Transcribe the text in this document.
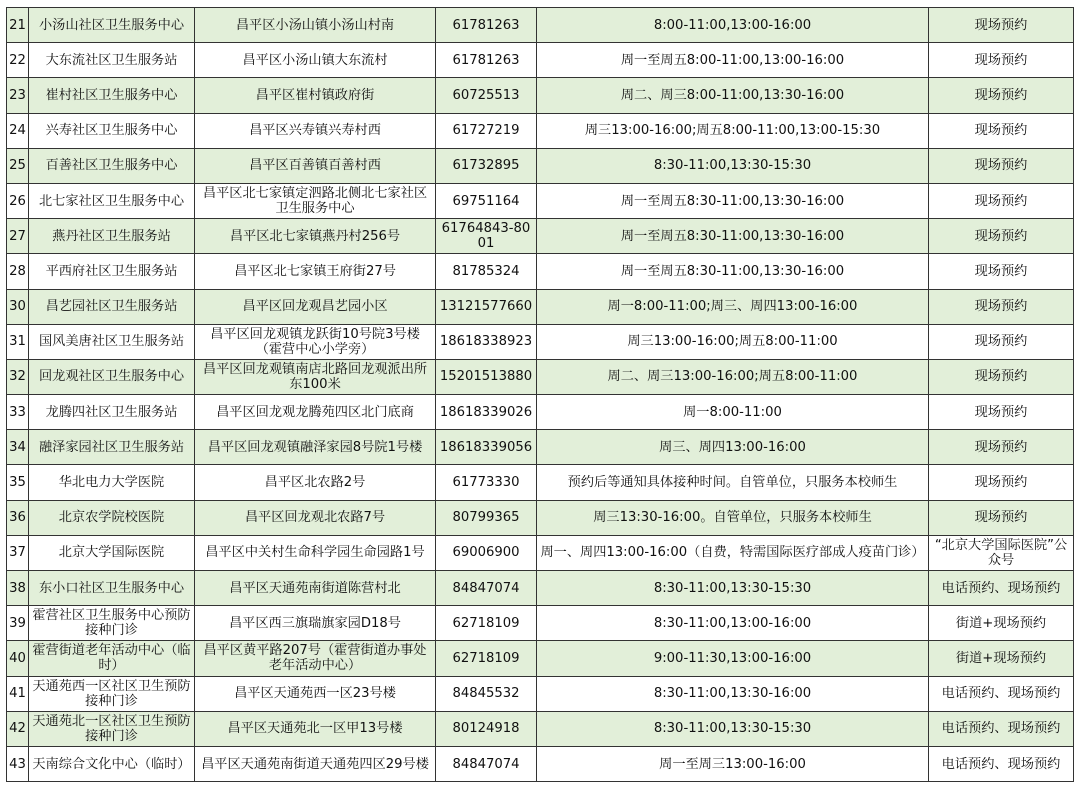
21	小汤山社区卫生服务中心	昌平区小汤山镇小汤山村南	61781263	8:00-11:00,13:00-16:00	现场预约
22	大东流社区卫生服务站	昌平区小汤山镇大东流村	61781263	周一至周五8:00-11:00,13:00-16:00	现场预约
23	崔村社区卫生服务中心	昌平区崔村镇政府街	60725513	周二、周三8:00-11:00,13:30-16:00	现场预约
24	兴寿社区卫生服务中心	昌平区兴寿镇兴寿村西	61727219	周三13:00-16:00;周五8:00-11:00,13:00-15:30	现场预约
25	百善社区卫生服务中心	昌平区百善镇百善村西	61732895	8:30-11:00,13:30-15:30	现场预约
26	北七家社区卫生服务中心	昌平区北七家镇定泗路北侧北七家社区卫生服务中心	69751164	周一至周五8:30-11:00,13:30-16:00	现场预约
27	燕丹社区卫生服务站	昌平区北七家镇燕丹村256号	61764843-8001	周一至周五8:30-11:00,13:30-16:00	现场预约
28	平西府社区卫生服务站	昌平区北七家镇王府街27号	81785324	周一至周五8:30-11:00,13:30-16:00	现场预约
30	昌艺园社区卫生服务站	昌平区回龙观昌艺园小区	13121577660	周一8:00-11:00;周三、周四13:00-16:00	现场预约
31	国风美唐社区卫生服务站	昌平区回龙观镇龙跃街10号院3号楼（霍营中心小学旁）	18618338923	周三13:00-16:00;周五8:00-11:00	现场预约
32	回龙观社区卫生服务中心	昌平区回龙观镇南店北路回龙观派出所东100米	15201513880	周二、周三13:00-16:00;周五8:00-11:00	现场预约
33	龙腾四社区卫生服务站	昌平区回龙观龙腾苑四区北门底商	18618339026	周一8:00-11:00	现场预约
34	融泽家园社区卫生服务站	昌平区回龙观镇融泽家园8号院1号楼	18618339056	周三、周四13:00-16:00	现场预约
35	华北电力大学医院	昌平区北农路2号	61773330	预约后等通知具体接种时间。自管单位，只服务本校师生	现场预约
36	北京农学院校医院	昌平区回龙观北农路7号	80799365	周三13:30-16:00。自管单位，只服务本校师生	现场预约
37	北京大学国际医院	昌平区中关村生命科学园生命园路1号	69006900	周一、周四13:00-16:00（自费，特需国际医疗部成人疫苗门诊）	“北京大学国际医院”公众号
38	东小口社区卫生服务中心	昌平区天通苑南街道陈营村北	84847074	8:30-11:00,13:30-15:30	电话预约、现场预约
39	霍营社区卫生服务中心预防接种门诊	昌平区西三旗瑞旗家园D18号	62718109	8:30-11:00,13:00-16:00	街道+现场预约
40	霍营街道老年活动中心（临时）	昌平区黄平路207号（霍营街道办事处老年活动中心）	62718109	9:00-11:30,13:00-16:00	街道+现场预约
41	天通苑西一区社区卫生预防接种门诊	昌平区天通苑西一区23号楼	84845532	8:30-11:00,13:30-16:00	电话预约、现场预约
42	天通苑北一区社区卫生预防接种门诊	昌平区天通苑北一区甲13号楼	80124918	8:30-11:00,13:30-15:30	电话预约、现场预约
43	天南综合文化中心（临时）	昌平区天通苑南街道天通苑四区29号楼	84847074	周一至周三13:00-16:00	电话预约、现场预约
